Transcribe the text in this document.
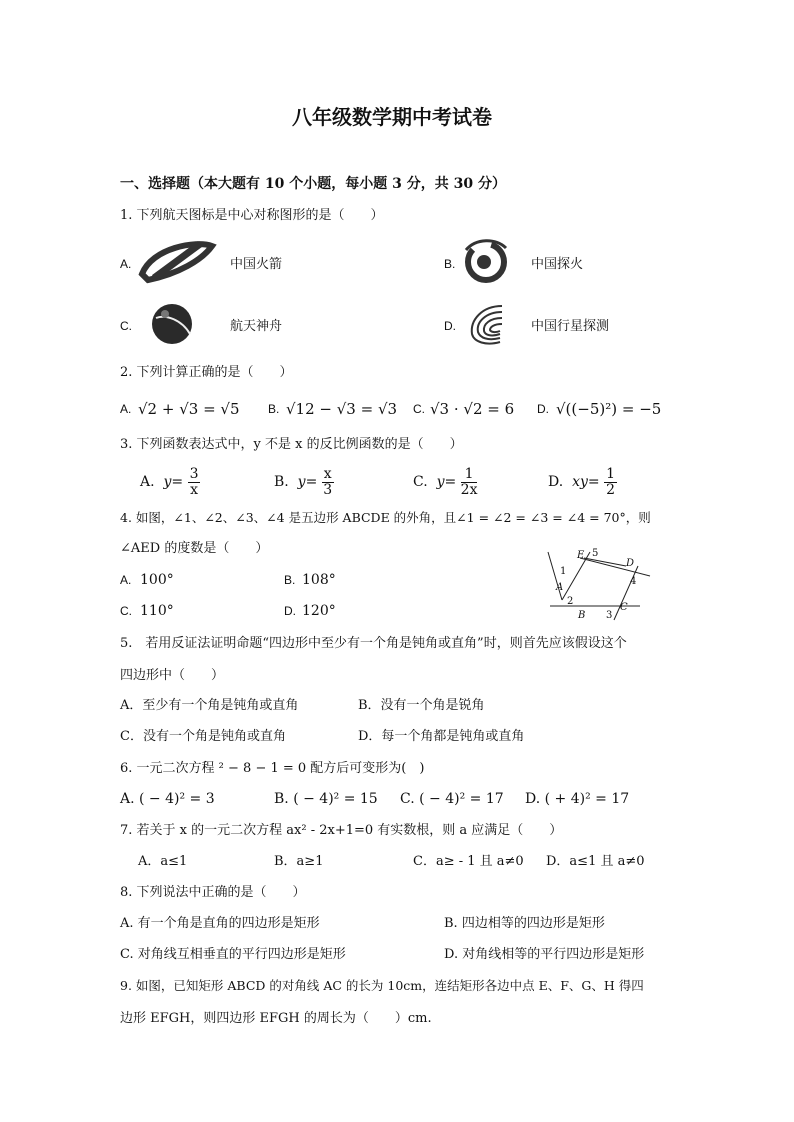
八年级数学期中考试卷
一、选择题（本大题有 10 个小题，每小题 3 分，共 30 分）
1. 下列航天图标是中心对称图形的是（　　）
A.	中国火箭	B.	中国探火
C.	航天神舟	D.	中国行星探测
2. 下列计算正确的是（　　）
A. √2 + √3 = √5 B. √12 − √3 = √3 C. √3 · √2 = 6 D. √((−5)²) = −5
3. 下列函数表达式中，y 不是 x 的反比例函数的是（　　）
A. $y= \frac{3}{x}$	B. $y= \frac{x}{3}$	C. $y= \frac{1}{2x}$	D. $xy= \frac{1}{2}$
4. 如图，∠1、∠2、∠3、∠4 是五边形 ABCDE 的外角，且∠1 = ∠2 = ∠3 = ∠4 = 70°，则
∠AED 的度数是（　　）
A. 100°	B. 108°
C. 110°	D. 120°
E 5
D
1
4
A
2
B 3
C
5.　若用反证法证明命题“四边形中至少有一个角是钝角或直角”时，则首先应该假设这个
四边形中（　　）
A．至少有一个角是钝角或直角	B．没有一个角是锐角
C．没有一个角是钝角或直角	D．每一个角都是钝角或直角
6. 一元二次方程 ² − 8 − 1 = 0 配方后可变形为(　)
A. ( − 4)² = 3	B. ( − 4)² = 15 C. ( − 4)² = 17 D. ( + 4)² = 17
7. 若关于 x 的一元二次方程 ax² - 2x+1=0 有实数根，则 a 应满足（　　）
A．a≤1	B．a≥1	C．a≥ - 1 且 a≠0 D．a≤1 且 a≠0
8. 下列说法中正确的是（　　）
A. 有一个角是直角的四边形是矩形	B. 四边相等的四边形是矩形
C. 对角线互相垂直的平行四边形是矩形	D. 对角线相等的平行四边形是矩形
9. 如图，已知矩形 ABCD 的对角线 AC 的长为 10cm，连结矩形各边中点 E、F、G、H 得四
边形 EFGH，则四边形 EFGH 的周长为（　　）cm.
